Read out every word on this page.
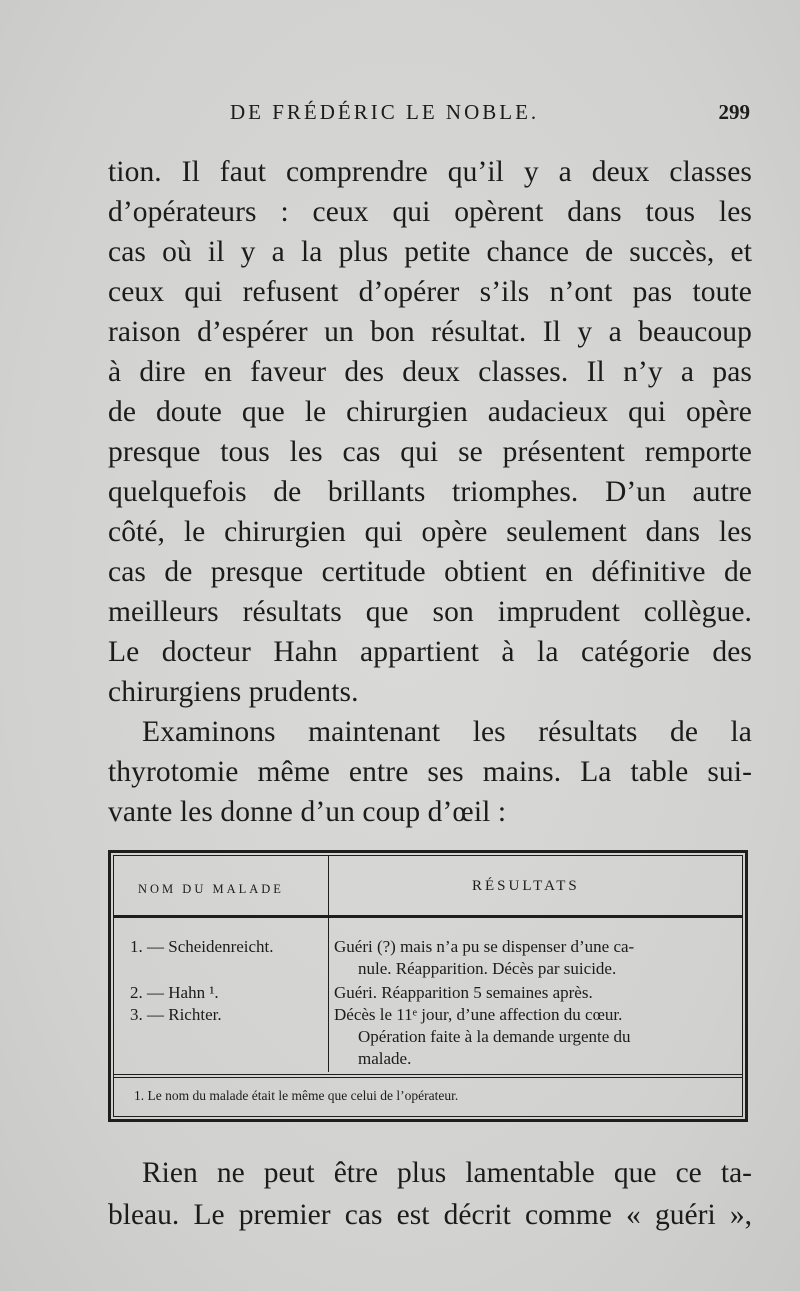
DE FRÉDÉRIC LE NOBLE.	299
tion. Il faut comprendre qu’il y a deux classes
d’opérateurs : ceux qui opèrent dans tous les
cas où il y a la plus petite chance de succès, et
ceux qui refusent d’opérer s’ils n’ont pas toute
raison d’espérer un bon résultat. Il y a beaucoup
à dire en faveur des deux classes. Il n’y a pas
de doute que le chirurgien audacieux qui opère
presque tous les cas qui se présentent remporte
quelquefois de brillants triomphes. D’un autre
côté, le chirurgien qui opère seulement dans les
cas de presque certitude obtient en définitive de
meilleurs résultats que son imprudent collègue.
Le docteur Hahn appartient à la catégorie des
chirurgiens prudents.
Examinons maintenant les résultats de la
thyrotomie même entre ses mains. La table sui-
vante les donne d’un coup d’œil :
NOM DU MALADE	RÉSULTATS
1. — Scheidenreicht.	Guéri (?) mais n’a pu se dispenser d’une ca-
nule. Réapparition. Décès par suicide.
2. — Hahn ¹.	Guéri. Réapparition 5 semaines après.
3. — Richter.	Décès le 11ᵉ jour, d’une affection du cœur.
Opération faite à la demande urgente du
malade.
1. Le nom du malade était le même que celui de l’opérateur.
Rien ne peut être plus lamentable que ce ta-
bleau. Le premier cas est décrit comme « guéri »,
